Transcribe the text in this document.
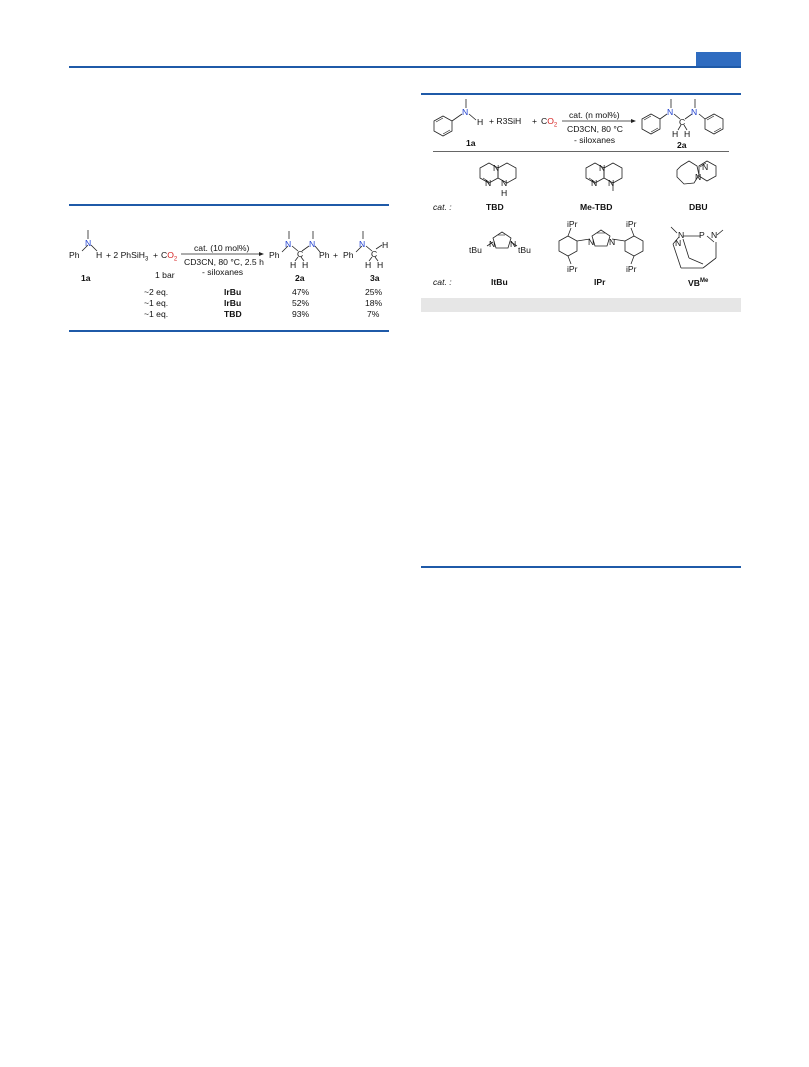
Ph
N
H
1a
+ 2 PhSiH$_3$ + $CO_2$
1 bar
cat. (10 mol%)
CD3CN, 80 °C, 2.5 h
- siloxanes
Ph
N
C
N
Ph
H H
2a
+ Ph
N
C
H
H H
3a
~2 eq.	IrBu	47%	25%
~1 eq.	IrBu	52%	18%
~1 eq.	TBD	93%	7%
N
H
1a
+ $R3SiH + CO_2$
cat. (n mol%)
CD3CN, 80 °C
- siloxanes
N
C
N
H H
2a
N
N N
H
cat. :	TBD
N
N N
Me-TBD
N
N
DBU
tBu
N N
tBu
cat. :	ItBu
iPr	iPr
N N
iPr	iPr
IPr
N P N
N
$VB^{Me}$
